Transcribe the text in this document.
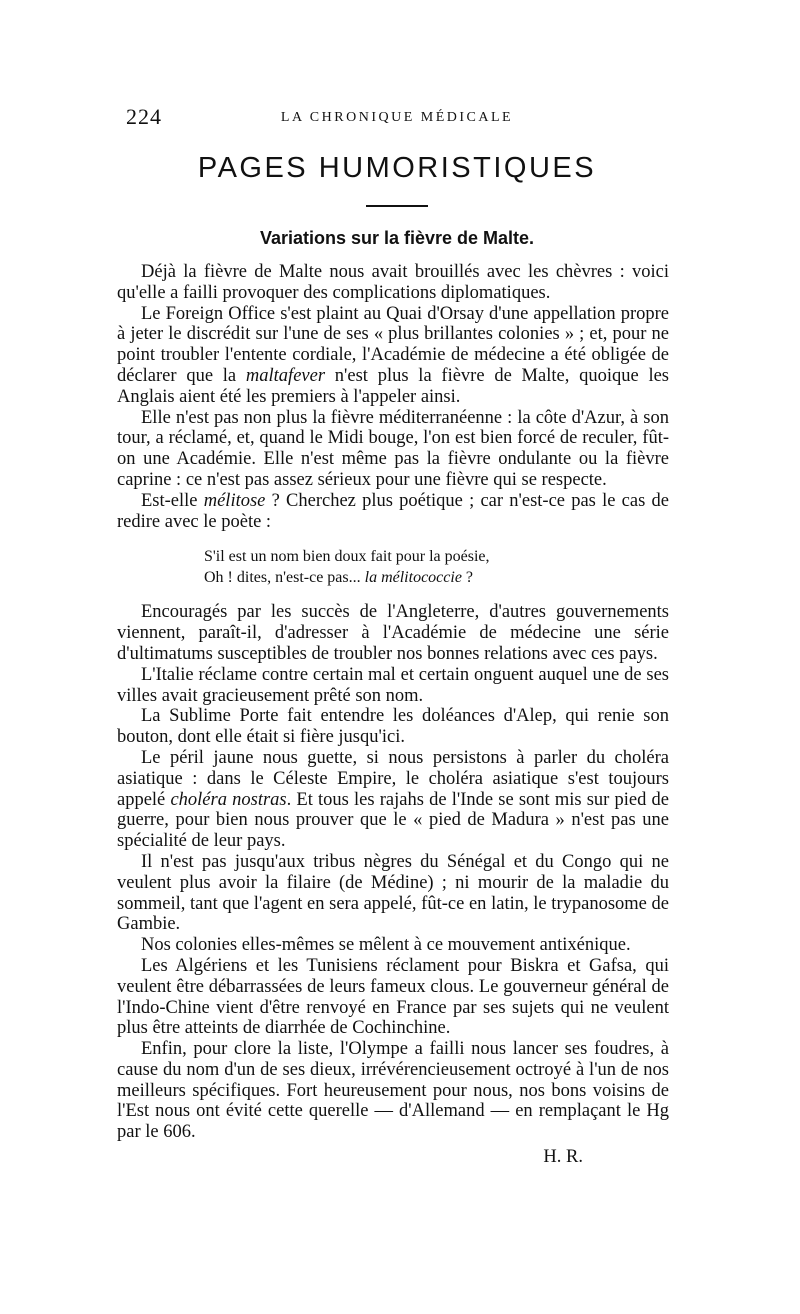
224	LA CHRONIQUE MÉDICALE
PAGES HUMORISTIQUES
Variations sur la fièvre de Malte.

Déjà la fièvre de Malte nous avait brouillés avec les chèvres : voici qu'elle a failli provoquer des complications diplomatiques.

Le Foreign Office s'est plaint au Quai d'Orsay d'une appellation propre à jeter le discrédit sur l'une de ses « plus brillantes colonies » ; et, pour ne point troubler l'entente cordiale, l'Académie de médecine a été obligée de déclarer que la maltafever n'est plus la fièvre de Malte, quoique les Anglais aient été les premiers à l'appeler ainsi.

Elle n'est pas non plus la fièvre méditerranéenne : la côte d'Azur, à son tour, a réclamé, et, quand le Midi bouge, l'on est bien forcé de reculer, fût-on une Académie. Elle n'est même pas la fièvre ondulante ou la fièvre caprine : ce n'est pas assez sérieux pour une fièvre qui se respecte.

Est-elle mélitose ? Cherchez plus poétique ; car n'est-ce pas le cas de redire avec le poète :

S'il est un nom bien doux fait pour la poésie,
Oh ! dites, n'est-ce pas... la mélitococcie ?

Encouragés par les succès de l'Angleterre, d'autres gouvernements viennent, paraît-il, d'adresser à l'Académie de médecine une série d'ultimatums susceptibles de troubler nos bonnes relations avec ces pays.

L'Italie réclame contre certain mal et certain onguent auquel une de ses villes avait gracieusement prêté son nom.

La Sublime Porte fait entendre les doléances d'Alep, qui renie son bouton, dont elle était si fière jusqu'ici.

Le péril jaune nous guette, si nous persistons à parler du choléra asiatique : dans le Céleste Empire, le choléra asiatique s'est toujours appelé choléra nostras. Et tous les rajahs de l'Inde se sont mis sur pied de guerre, pour bien nous prouver que le « pied de Madura » n'est pas une spécialité de leur pays.

Il n'est pas jusqu'aux tribus nègres du Sénégal et du Congo qui ne veulent plus avoir la filaire (de Médine) ; ni mourir de la maladie du sommeil, tant que l'agent en sera appelé, fût-ce en latin, le trypanosome de Gambie.

Nos colonies elles-mêmes se mêlent à ce mouvement antixénique.

Les Algériens et les Tunisiens réclament pour Biskra et Gafsa, qui veulent être débarrassées de leurs fameux clous. Le gouverneur général de l'Indo-Chine vient d'être renvoyé en France par ses sujets qui ne veulent plus être atteints de diarrhée de Cochinchine.

Enfin, pour clore la liste, l'Olympe a failli nous lancer ses foudres, à cause du nom d'un de ses dieux, irrévérencieusement octroyé à l'un de nos meilleurs spécifiques. Fort heureusement pour nous, nos bons voisins de l'Est nous ont évité cette querelle — d'Allemand — en remplaçant le Hg par le 606.

H. R.
